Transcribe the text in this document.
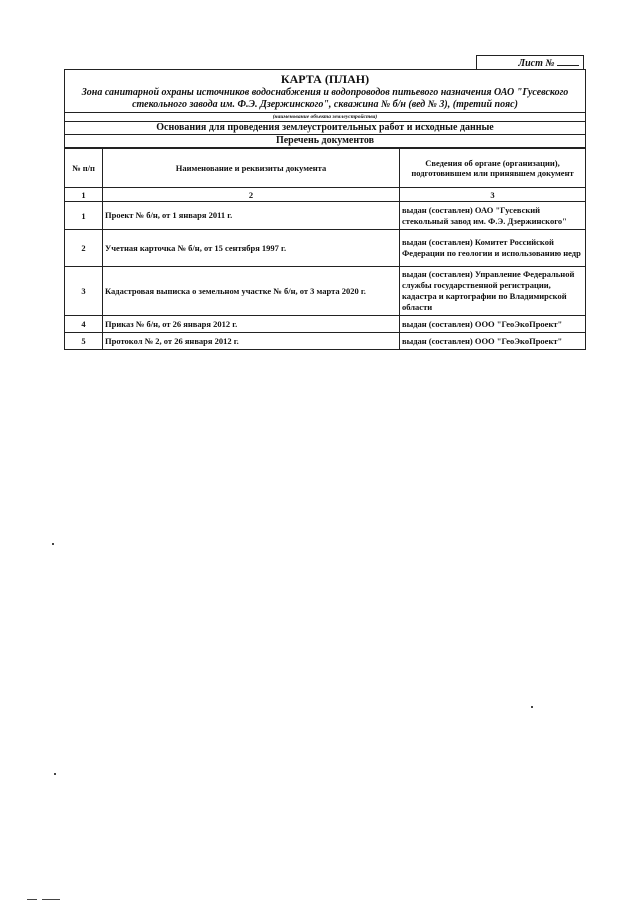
Лист №
КАРТА (ПЛАН)
Зона санитарной охраны источников водоснабжения и водопроводов питьевого назначения ОАО "Гусевского стекольного завода им. Ф.Э. Дзержинского", скважина № б/н (вед № 3), (третий пояс)
(наименование объекта землеустройства)
Основания для проведения землеустроительных работ и исходные данные
Перечень документов
№ п/п	Наименование и реквизиты документа	Сведения об органе (организации), подготовившем или принявшем документ
1	2	3
1	Проект № б/н, от 1 января 2011 г.	выдан (составлен) ОАО "Гусевский стекольный завод им. Ф.Э. Дзержинского"
2	Учетная карточка № б/н, от 15 сентября 1997 г.	выдан (составлен) Комитет Российской Федерации по геологии и использованию недр
3	Кадастровая выписка о земельном участке № б/н, от 3 марта 2020 г.	выдан (составлен) Управление Федеральной службы государственной регистрации, кадастра и картографии по Владимирской области
4	Приказ № б/н, от 26 января 2012 г.	выдан (составлен) ООО "ГеоЭкоПроект"
5	Протокол № 2, от 26 января 2012 г.	выдан (составлен) ООО "ГеоЭкоПроект"
